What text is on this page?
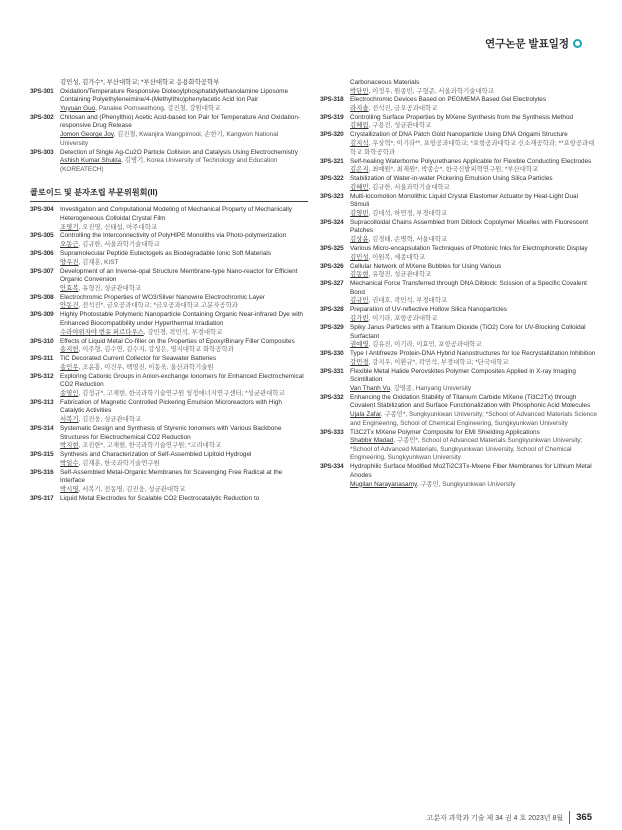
연구논문 발표일정
김민성, 김가수*, 부산대학교; *부산대학교 응용화학공학부
3PS-301	Oxidation/Temperature Responsive Dioleoylphosphatidylethanolamine Liposome Containing Polyethyleneimine/4-(Methylthio)phenylacetic Acid Ion Pair
Yuyuan Guo, Panalee Pornseethong, 강진철, 강원대학교
3PS-302	Chitosan and (Phenylthio) Acetic Acid-based Ion Pair for Temperature And Oxidation-responsive Drug Release
Jomon George Joy, 김진철, Kwanjira Wangpimool, 손한기, Kangwon National University
3PS-303	Detection of Single Ag-Cu2O Particle Collision and Catalysis Using Electrochemistry
Ashish Kumar Shukla, 김병기, Korea University of Technology and Education (KOREATECH)
콜로이드 및 분자조립 부문위원회(II)
3PS-304	Investigation and Computational Modeling of Mechanical Property of Mechanically Heterogeneous Colloidal Crystal Film
조영기, 오진영, 신태섭, 아주대학교
3PS-305	Controlling the Interconnectivity of PolyHIPE Monoliths via Photo-polymerization
오동근, 김규한, 서울과학기술대학교
3PS-306	Supramolecular Peptide Eutectogels as Biodegradable Ionic Soft Materials
양우진, 김재훈, KIST
3PS-307	Development of an Inverse-opal Structure Membrane-type Nano-reactor for Efficient Organic Conversion
안효복, 유형진, 성균관대학교
3PS-308	Electrochromic Properties of WO3/Silver Nanowire Electrochromic Layer
안동건, 전석진*, 금오공과대학교; *금오공과대학교 고분자공학과
3PS-309	Highly Photostable Polymeric Nanoparticle Containing Organic Near-infrared Dye with Enhanced Biocompatibility under Hyperthermal Irradiation
수라야위자야 번유 퍼르다우스, 강민경, 곽민석, 부경대학교
3PS-310	Effects of Liquid Metal Co-filler on the Properties of Epoxy/Binary Filler Composites
송지헌, 이주형, 김수연, 김수지, 강성은, 명지대학교 화학공학과
3PS-311	TiC Decorated Current Collector for Seawater Batteries
송인우, 조윤홍, 이건우, 백명진, 이동욱, 울산과학기술원
3PS-312	Exploring Cationic Groups in Anion-exchange Ionomers for Enhanced Electrochemical CO2 Reduction
송영인, 김정규*, 고재현, 한국과학기술연구원 청정에너지연구센터; *성균관대학교
3PS-313	Fabrication of Magnetic Controlled Pickering Emulsion Microreactors with High Catalytic Activities
서복기, 김진웅, 성균관대학교
3PS-314	Systematic Design and Synthesis of Styrenic Ionomers with Various Backbone Structures for Electrochemical CO2 Reduction
박지현, 조진한*, 고재현, 한국과학기술연구원; *고려대학교
3PS-315	Synthesis and Characterization of Self-Assembled Lipitoid Hydrogel
박일수, 김재훈, 한국과학기술연구원
3PS-316	Self-Assembled Metal-Organic Membranes for Scavenging Free Radical at the Interface
박시영, 서복기, 전동명, 김진웅, 성균관대학교
3PS-317	Liquid Metal Electrodes for Scalable CO2 Electrocatalytic Reduction to
Carbonaceous Materials
박단민, 이정우, 원종빈, 구형준, 서울과학기술대학교
3PS-318	Electrochromic Devices Based on PEGMEMA Based Gel Electrolytes
라지솔, 전석진, 금오공과대학교
3PS-319	Controlling Surface Properties by MXene Synthesis from the Synthesis Method
김혜림, 구용진, 성균관대학교
3PS-320	Crystallization of DNA Patch Gold Nanoparticle Using DNA Origami Structure
김지석, 우상혁*, 이기라**, 포항공과대학교; *포항공과대학교 신소재공학과; **포항공과대학교 화학공학과
3PS-321	Self-healing Waterborne Polyurethanes Applicable for Flexible Conducting Electrodes
김은지, 최예원*, 최재원*, 박종승*, 한국신발피혁연구원; *부산대학교
3PS-322	Stabilization of Water-in-water Pickering Emulsion Using Silica Particles
김혜민, 김규한, 서울과학기술대학교
3PS-323	Multi-locomotion Monolithic Liquid Crystal Elastomer Actuator by Heat-Light Dual Stimuli
김영빈, 김대석, 하연경, 부경대학교
3PS-324	Supracolloidal Chains Assembled from Diblock Copolymer Micelles with Fluorescent Patches
김상윤, 김경태, 손병혁, 서울대학교
3PS-325	Various Micro-encapsulation Techniques of Photonic Inks for Electrophoretic Display
김민성, 이원복, 세종대학교
3PS-326	Cellular Network of MXene Bubbles for Using Various
김동현, 유형진, 성균관대학교
3PS-327	Mechanical Force Transferred through DNA Diblock: Scission of a Specific Covalent Bond
김규민, 권대호, 곽민석, 부경대학교
3PS-328	Preparation of UV-reflective Hollow Silica Nanoparticles
김가빈, 이기라, 포항공과대학교
3PS-329	Spiky Janus Particles with a Titanium Dioxide (TiO2) Core for UV-Blocking Colloidal Surfactant
권예영, 김유진, 이기라, 이효민, 포항공과대학교
3PS-330	Type I Antifreeze Protein-DNA Hybrid Nanostructures for Ice Recrystallization Inhibition
강민경, 강지우, 이환규*, 곽민석, 부경대학교; *단국대학교
3PS-331	Flexible Metal Halide Perovskites Polymer Composites Applied in X-ray Imaging Scintillation
Van Thanh Vu, 강영종, Hanyang University
3PS-332	Enhancing the Oxidation Stability of Titanium Carbide MXene (Ti3C2Tx) through Covalent Stabilization and Surface Functionalization with Phosphonic Acid Molecules
Ujala Zafar, 구종민*, Sungkyunkwan University; *School of Advanced Materials Science and Engineering, School of Chemical Engineering, Sungkyunkwan University
3PS-333	Ti3C2Tx MXene Polymer Composite for EMI Shielding Applications
Shabbir Madad, 구종민*, School of Advanced Materials Sungkyunkwan University; *School of Advanced Materials, Sungkyunkwan University, School of Chemical Engineering, Sungkyunkwan University
3PS-334	Hydrophilic Surface Modified Mo2Ti2C3Tx-Mxene Fiber Membranes for Lithium Metal Anodes
Mugilan Narayanasamy, 구종민, Sungkyunkwan University
고분자 과학과 기술 제 34 권 4 호 2023년 8월 365
